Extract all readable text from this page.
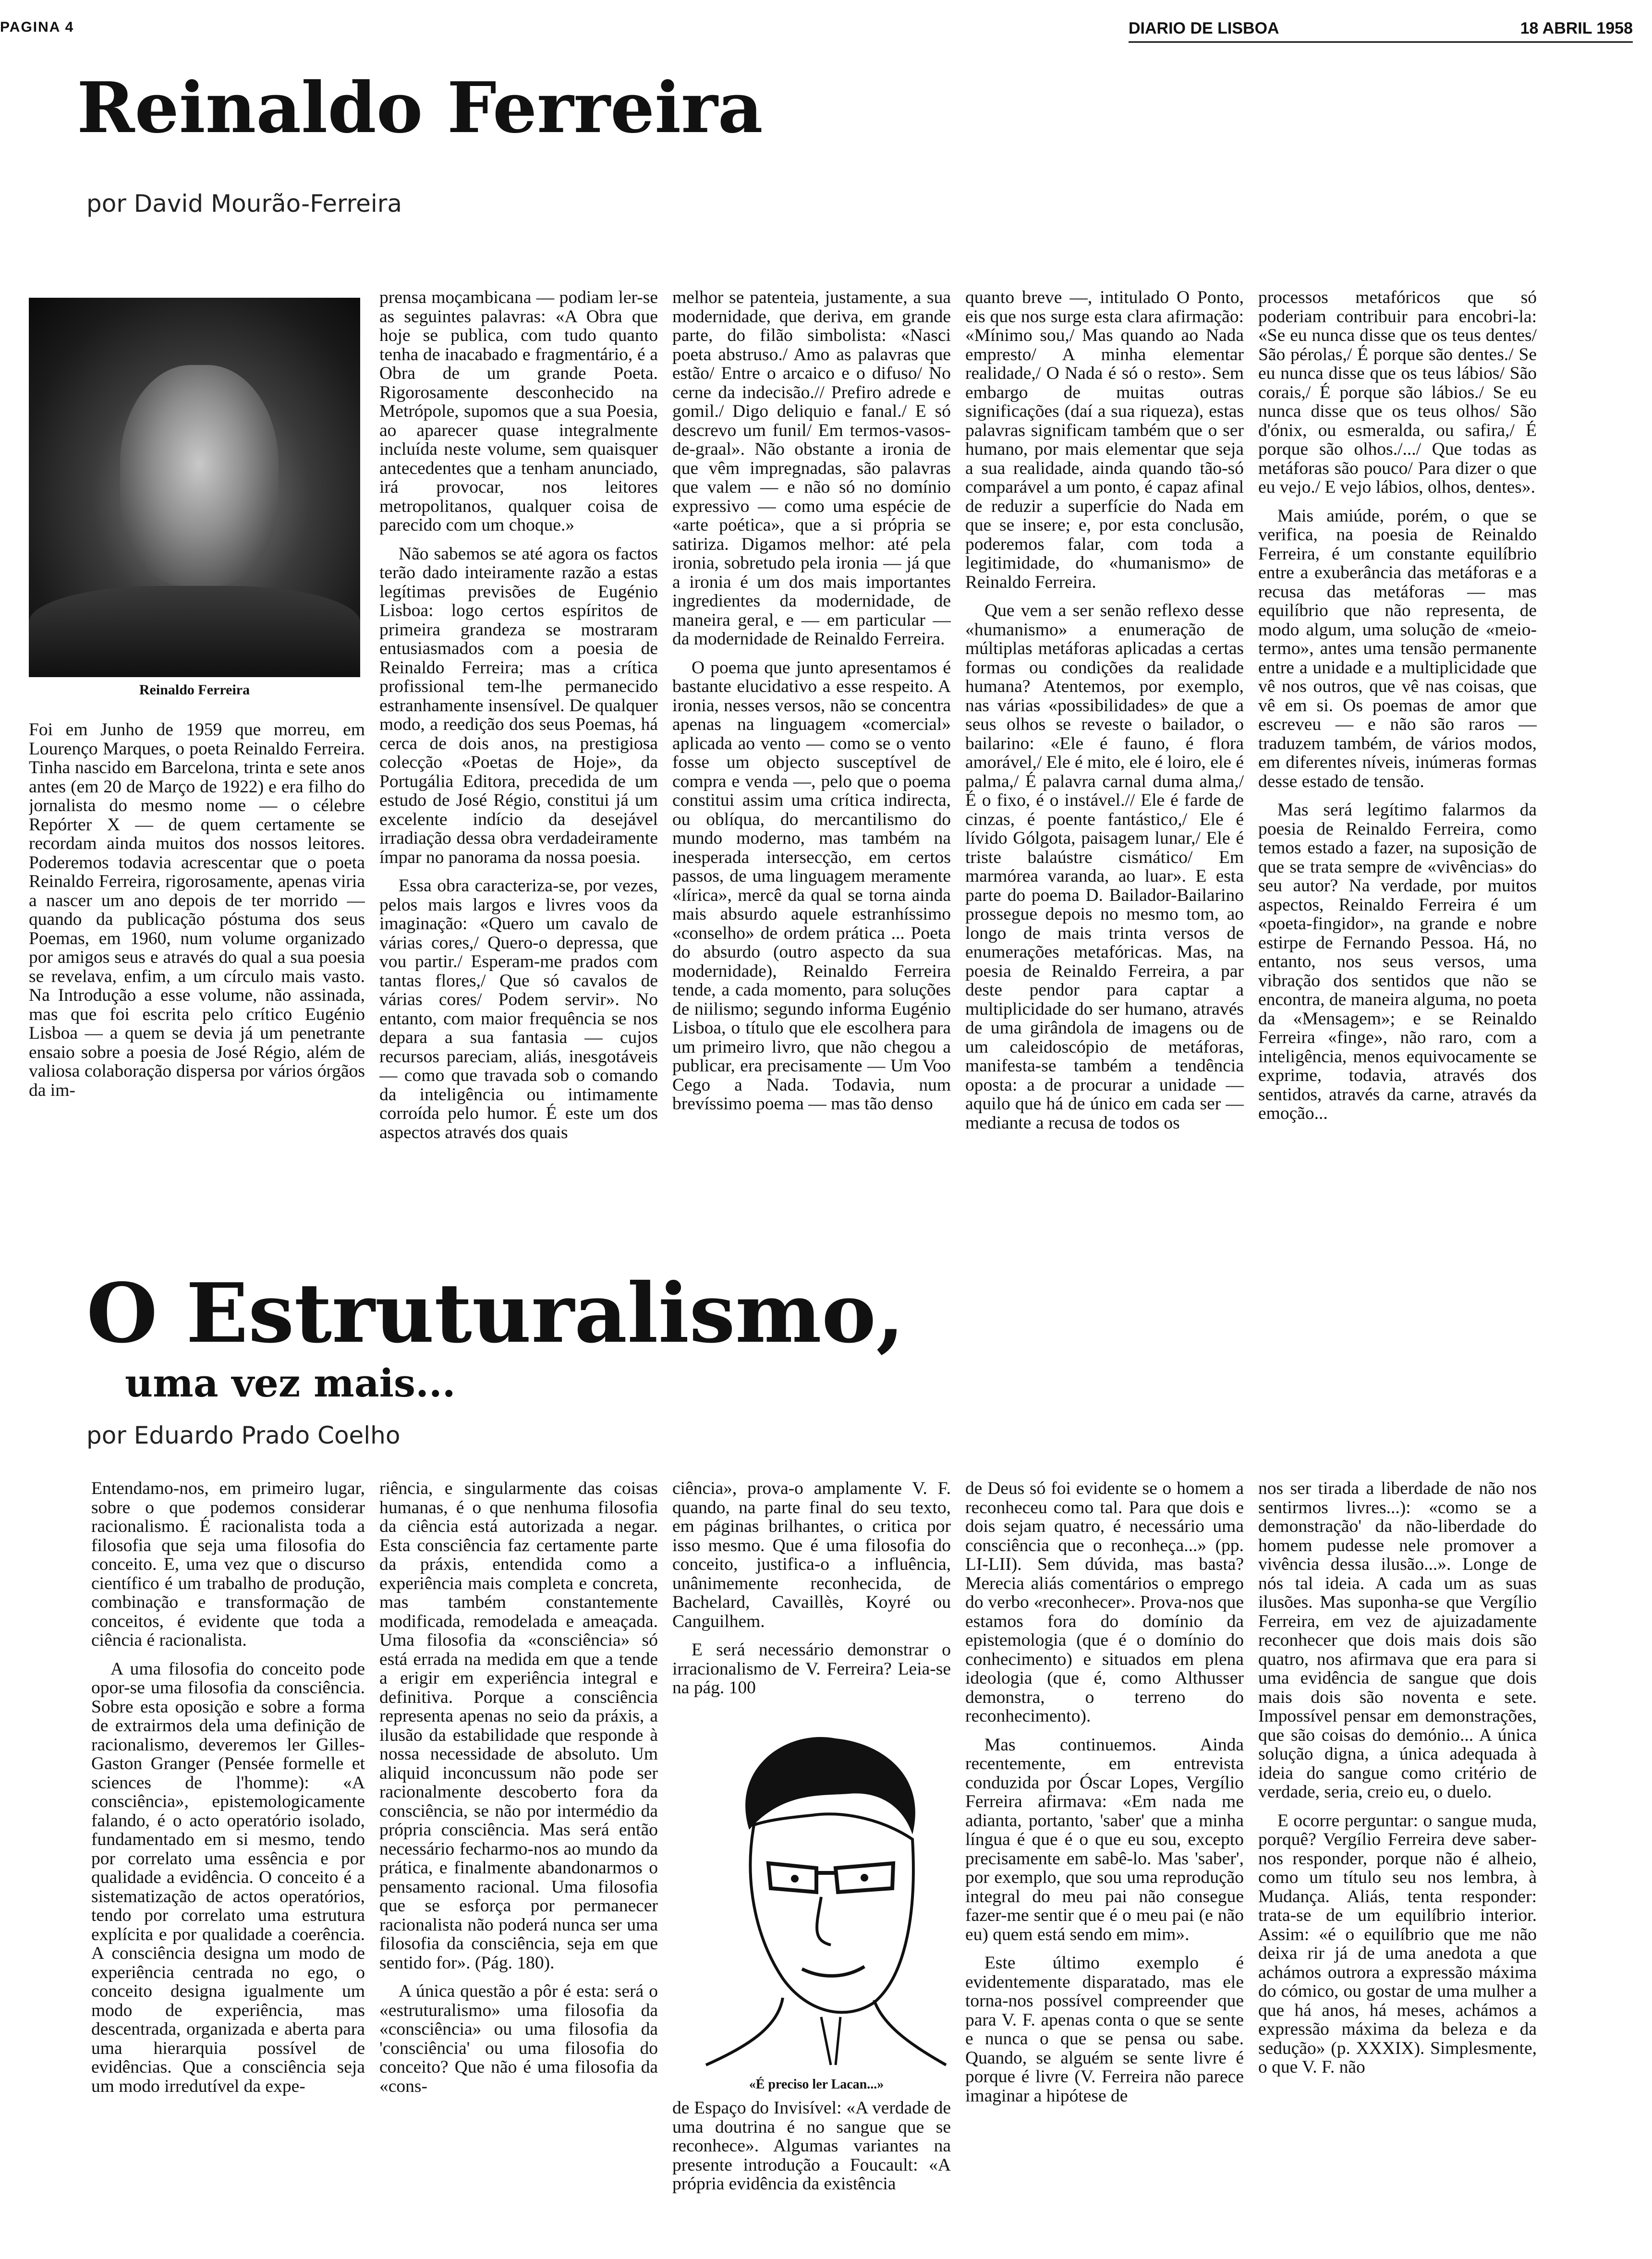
PAGINA 4	DIARIO DE LISBOA	18 ABRIL 1958
Reinaldo Ferreira
por David Mourão-Ferreira
Reinaldo Ferreira

Foi em Junho de 1959 que morreu, em Lourenço Marques, o poeta Reinaldo Ferreira. Tinha nascido em Barcelona, trinta e sete anos antes (em 20 de Março de 1922) e era filho do jornalista do mesmo nome — o célebre Repórter X — de quem certamente se recordam ainda muitos dos nossos leitores. Poderemos todavia acrescentar que o poeta Reinaldo Ferreira, rigorosamente, apenas viria a nascer um ano depois de ter morrido — quando da publicação póstuma dos seus Poemas, em 1960, num volume organizado por amigos seus e através do qual a sua poesia se revelava, enfim, a um círculo mais vasto. Na Introdução a esse volume, não assinada, mas que foi escrita pelo crítico Eugénio Lisboa — a quem se devia já um penetrante ensaio sobre a poesia de José Régio, além de valiosa colaboração dispersa por vários órgãos da im-

prensa moçambicana — podiam ler-se as seguintes palavras: «A Obra que hoje se publica, com tudo quanto tenha de inacabado e fragmentário, é a Obra de um grande Poeta. Rigorosamente desconhecido na Metrópole, supomos que a sua Poesia, ao aparecer quase integralmente incluída neste volume, sem quaisquer antecedentes que a tenham anunciado, irá provocar, nos leitores metropolitanos, qualquer coisa de parecido com um choque.»

Não sabemos se até agora os factos terão dado inteiramente razão a estas legítimas previsões de Eugénio Lisboa: logo certos espíritos de primeira grandeza se mostraram entusiasmados com a poesia de Reinaldo Ferreira; mas a crítica profissional tem-lhe permanecido estranhamente insensível. De qualquer modo, a reedição dos seus Poemas, há cerca de dois anos, na prestigiosa colecção «Poetas de Hoje», da Portugália Editora, precedida de um estudo de José Régio, constitui já um excelente indício da desejável irradiação dessa obra verdadeiramente ímpar no panorama da nossa poesia.

Essa obra caracteriza-se, por vezes, pelos mais largos e livres voos da imaginação: «Quero um cavalo de várias cores,/ Quero-o depressa, que vou partir./ Esperam-me prados com tantas flores,/ Que só cavalos de várias cores/ Podem servir». No entanto, com maior frequência se nos depara a sua fantasia — cujos recursos pareciam, aliás, inesgotáveis — como que travada sob o comando da inteligência ou intimamente corroída pelo humor. É este um dos aspectos através dos quais

melhor se patenteia, justamente, a sua modernidade, que deriva, em grande parte, do filão simbolista: «Nasci poeta abstruso./ Amo as palavras que estão/ Entre o arcaico e o difuso/ No cerne da indecisão.// Prefiro adrede e gomil./ Digo deliquio e fanal./ E só descrevo um funil/ Em termos-vasos-de-graal». Não obstante a ironia de que vêm impregnadas, são palavras que valem — e não só no domínio expressivo — como uma espécie de «arte poética», que a si própria se satiriza. Digamos melhor: até pela ironia, sobretudo pela ironia — já que a ironia é um dos mais importantes ingredientes da modernidade, de maneira geral, e — em particular — da modernidade de Reinaldo Ferreira.

O poema que junto apresentamos é bastante elucidativo a esse respeito. A ironia, nesses versos, não se concentra apenas na linguagem «comercial» aplicada ao vento — como se o vento fosse um objecto susceptível de compra e venda —, pelo que o poema constitui assim uma crítica indirecta, ou oblíqua, do mercantilismo do mundo moderno, mas também na inesperada intersecção, em certos passos, de uma linguagem meramente «lírica», mercê da qual se torna ainda mais absurdo aquele estranhíssimo «conselho» de ordem prática ... Poeta do absurdo (outro aspecto da sua modernidade), Reinaldo Ferreira tende, a cada momento, para soluções de niilismo; segundo informa Eugénio Lisboa, o título que ele escolhera para um primeiro livro, que não chegou a publicar, era precisamente — Um Voo Cego a Nada. Todavia, num brevíssimo poema — mas tão denso

quanto breve —, intitulado O Ponto, eis que nos surge esta clara afirmação: «Mínimo sou,/ Mas quando ao Nada empresto/ A minha elementar realidade,/ O Nada é só o resto». Sem embargo de muitas outras significações (daí a sua riqueza), estas palavras significam também que o ser humano, por mais elementar que seja a sua realidade, ainda quando tão-só comparável a um ponto, é capaz afinal de reduzir a superfície do Nada em que se insere; e, por esta conclusão, poderemos falar, com toda a legitimidade, do «humanismo» de Reinaldo Ferreira.

Que vem a ser senão reflexo desse «humanismo» a enumeração de múltiplas metáforas aplicadas a certas formas ou condições da realidade humana? Atentemos, por exemplo, nas várias «possibilidades» de que a seus olhos se reveste o bailador, o bailarino: «Ele é fauno, é flora amorável,/ Ele é mito, ele é loiro, ele é palma,/ É palavra carnal duma alma,/ É o fixo, é o instável.// Ele é farde de cinzas, é poente fantástico,/ Ele é lívido Gólgota, paisagem lunar,/ Ele é triste balaústre cismático/ Em marmórea varanda, ao luar». E esta parte do poema D. Bailador-Bailarino prossegue depois no mesmo tom, ao longo de mais trinta versos de enumerações metafóricas. Mas, na poesia de Reinaldo Ferreira, a par deste pendor para captar a multiplicidade do ser humano, através de uma girândola de imagens ou de um caleidoscópio de metáforas, manifesta-se também a tendência oposta: a de procurar a unidade — aquilo que há de único em cada ser — mediante a recusa de todos os

processos metafóricos que só poderiam contribuir para encobri-la: «Se eu nunca disse que os teus dentes/ São pérolas,/ É porque são dentes./ Se eu nunca disse que os teus lábios/ São corais,/ É porque são lábios./ Se eu nunca disse que os teus olhos/ São d'ónix, ou esmeralda, ou safira,/ É porque são olhos./.../ Que todas as metáforas são pouco/ Para dizer o que eu vejo./ E vejo lábios, olhos, dentes».

Mais amiúde, porém, o que se verifica, na poesia de Reinaldo Ferreira, é um constante equilíbrio entre a exuberância das metáforas e a recusa das metáforas — mas equilíbrio que não representa, de modo algum, uma solução de «meio-termo», antes uma tensão permanente entre a unidade e a multiplicidade que vê nos outros, que vê nas coisas, que vê em si. Os poemas de amor que escreveu — e não são raros — traduzem também, de vários modos, em diferentes níveis, inúmeras formas desse estado de tensão.

Mas será legítimo falarmos da poesia de Reinaldo Ferreira, como temos estado a fazer, na suposição de que se trata sempre de «vivências» do seu autor? Na verdade, por muitos aspectos, Reinaldo Ferreira é um «poeta-fingidor», na grande e nobre estirpe de Fernando Pessoa. Há, no entanto, nos seus versos, uma vibração dos sentidos que não se encontra, de maneira alguma, no poeta da «Mensagem»; e se Reinaldo Ferreira «finge», não raro, com a inteligência, menos equivocamente se exprime, todavia, através dos sentidos, através da carne, através da emoção...

O Estruturalismo,
uma vez mais...
por Eduardo Prado Coelho

Entendamo-nos, em primeiro lugar, sobre o que podemos considerar racionalismo. É racionalista toda a filosofia que seja uma filosofia do conceito. E, uma vez que o discurso científico é um trabalho de produção, combinação e transformação de conceitos, é evidente que toda a ciência é racionalista.

A uma filosofia do conceito pode opor-se uma filosofia da consciência. Sobre esta oposição e sobre a forma de extrairmos dela uma definição de racionalismo, deveremos ler Gilles-Gaston Granger (Pensée formelle et sciences de l'homme): «A consciência», epistemologicamente falando, é o acto operatório isolado, fundamentado em si mesmo, tendo por correlato uma essência e por qualidade a evidência. O conceito é a sistematização de actos operatórios, tendo por correlato uma estrutura explícita e por qualidade a coerência. A consciência designa um modo de experiência centrada no ego, o conceito designa igualmente um modo de experiência, mas descentrada, organizada e aberta para uma hierarquia possível de evidências. Que a consciência seja um modo irredutível da expe-

riência, e singularmente das coisas humanas, é o que nenhuma filosofia da ciência está autorizada a negar. Esta consciência faz certamente parte da práxis, entendida como a experiência mais completa e concreta, mas também constantemente modificada, remodelada e ameaçada. Uma filosofia da «consciência» só está errada na medida em que a tende a erigir em experiência integral e definitiva. Porque a consciência representa apenas no seio da práxis, a ilusão da estabilidade que responde à nossa necessidade de absoluto. Um aliquid inconcussum não pode ser racionalmente descoberto fora da consciência, se não por intermédio da própria consciência. Mas será então necessário fecharmo-nos ao mundo da prática, e finalmente abandonarmos o pensamento racional. Uma filosofia que se esforça por permanecer racionalista não poderá nunca ser uma filosofia da consciência, seja em que sentido for». (Pág. 180).

A única questão a pôr é esta: será o «estruturalismo» uma filosofia da «consciência» ou uma filosofia da 'consciência' ou uma filosofia do conceito? Que não é uma filosofia da «cons-

ciência», prova-o amplamente V. F. quando, na parte final do seu texto, em páginas brilhantes, o critica por isso mesmo. Que é uma filosofia do conceito, justifica-o a influência, unânimemente reconhecida, de Bachelard, Cavaillès, Koyré ou Canguilhem.

E será necessário demonstrar o irracionalismo de V. Ferreira? Leia-se na pág. 100

«É preciso ler Lacan...»

de Espaço do Invisível: «A verdade de uma doutrina é no sangue que se reconhece». Algumas variantes na presente introdução a Foucault: «A própria evidência da existência

de Deus só foi evidente se o homem a reconheceu como tal. Para que dois e dois sejam quatro, é necessário uma consciência que o reconheça...» (pp. LI-LII). Sem dúvida, mas basta? Merecia aliás comentários o emprego do verbo «reconhecer». Prova-nos que estamos fora do domínio da epistemologia (que é o domínio do conhecimento) e situados em plena ideologia (que é, como Althusser demonstra, o terreno do reconhecimento).

Mas continuemos. Ainda recentemente, em entrevista conduzida por Óscar Lopes, Vergílio Ferreira afirmava: «Em nada me adianta, portanto, 'saber' que a minha língua é que é o que eu sou, excepto precisamente em sabê-lo. Mas 'saber', por exemplo, que sou uma reprodução integral do meu pai não consegue fazer-me sentir que é o meu pai (e não eu) quem está sendo em mim».

Este último exemplo é evidentemente disparatado, mas ele torna-nos possível compreender que para V. F. apenas conta o que se sente e nunca o que se pensa ou sabe. Quando, se alguém se sente livre é porque é livre (V. Ferreira não parece imaginar a hipótese de

nos ser tirada a liberdade de não nos sentirmos livres...): «como se a demonstração' da não-liberdade do homem pudesse nele promover a vivência dessa ilusão...». Longe de nós tal ideia. A cada um as suas ilusões. Mas suponha-se que Vergílio Ferreira, em vez de ajuizadamente reconhecer que dois mais dois são quatro, nos afirmava que era para si uma evidência de sangue que dois mais dois são noventa e sete. Impossível pensar em demonstrações, que são coisas do demónio... A única solução digna, a única adequada à ideia do sangue como critério de verdade, seria, creio eu, o duelo.

E ocorre perguntar: o sangue muda, porquê? Vergílio Ferreira deve saber-nos responder, porque não é alheio, como um título seu nos lembra, à Mudança. Aliás, tenta responder: trata-se de um equilíbrio interior. Assim: «é o equilíbrio que me não deixa rir já de uma anedota a que achámos outrora a expressão máxima do cómico, ou gostar de uma mulher a que há anos, há meses, achámos a expressão máxima da beleza e da sedução» (p. XXXIX). Simplesmente, o que V. F. não
